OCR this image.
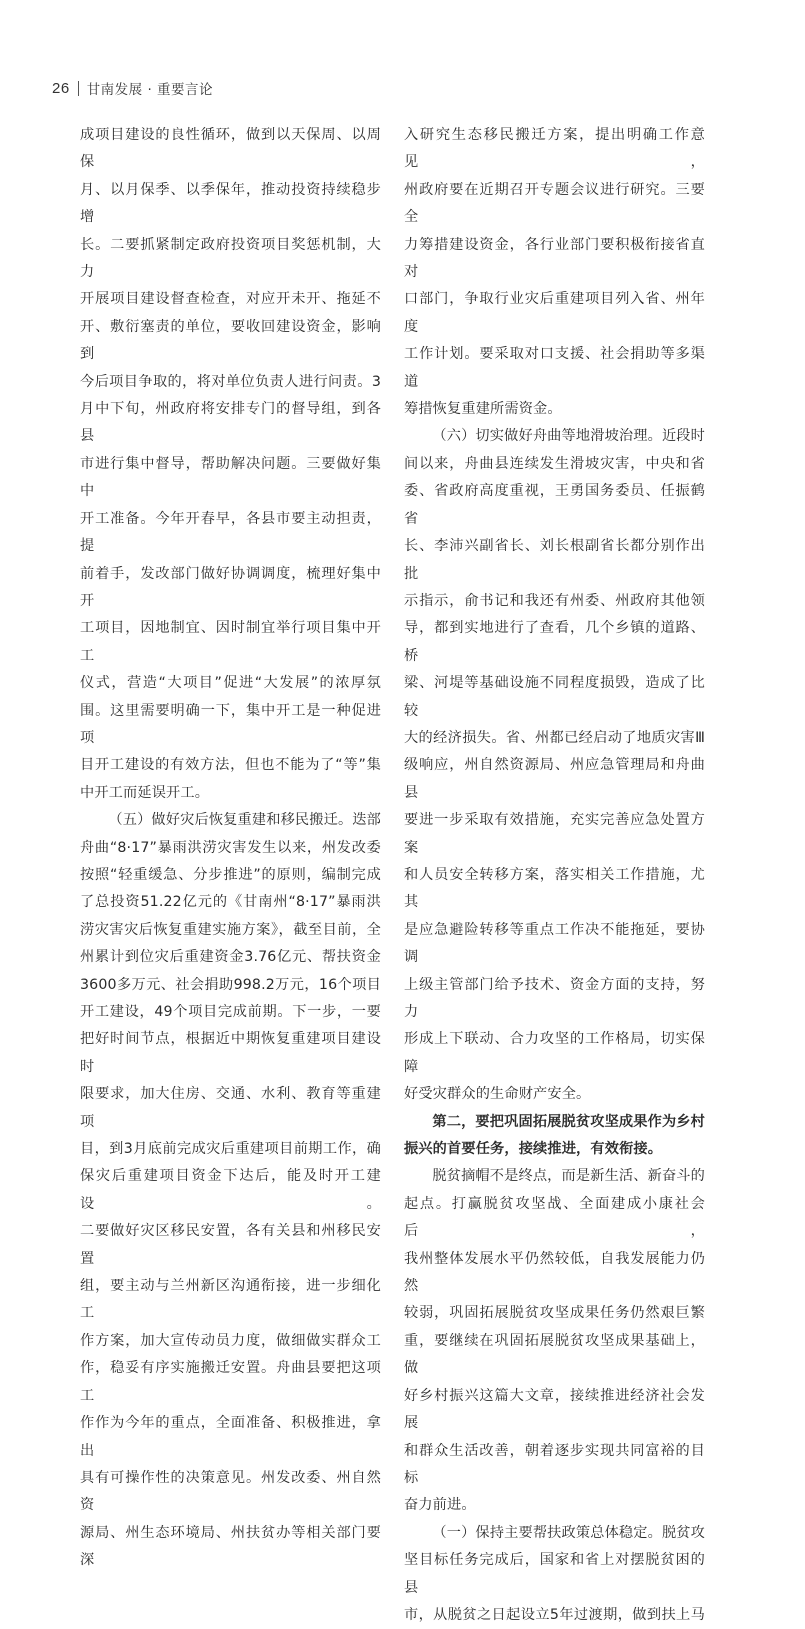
26 甘南发展 · 重要言论

成项目建设的良性循环，做到以天保周、以周保

月、以月保季、以季保年，推动投资持续稳步增

长。二要抓紧制定政府投资项目奖惩机制，大力

开展项目建设督查检查，对应开未开、拖延不

开、敷衍塞责的单位，要收回建设资金，影响到

今后项目争取的，将对单位负责人进行问责。3

月中下旬，州政府将安排专门的督导组，到各县

市进行集中督导，帮助解决问题。三要做好集中

开工准备。今年开春早，各县市要主动担责，提

前着手，发改部门做好协调调度，梳理好集中开

工项目，因地制宜、因时制宜举行项目集中开工

仪式，营造“大项目”促进“大发展”的浓厚氛

围。这里需要明确一下，集中开工是一种促进项

目开工建设的有效方法，但也不能为了“等”集

中开工而延误开工。

（五）做好灾后恢复重建和移民搬迁。迭部

舟曲“8·17”暴雨洪涝灾害发生以来，州发改委

按照“轻重缓急、分步推进”的原则，编制完成

了总投资51.22亿元的《甘南州“8·17”暴雨洪

涝灾害灾后恢复重建实施方案》，截至目前，全

州累计到位灾后重建资金3.76亿元、帮扶资金

3600多万元、社会捐助998.2万元，16个项目

开工建设，49个项目完成前期。下一步，一要

把好时间节点，根据近中期恢复重建项目建设时

限要求，加大住房、交通、水利、教育等重建项

目，到3月底前完成灾后重建项目前期工作，确

保灾后重建项目资金下达后，能及时开工建设。

二要做好灾区移民安置，各有关县和州移民安置

组，要主动与兰州新区沟通衔接，进一步细化工

作方案，加大宣传动员力度，做细做实群众工

作，稳妥有序实施搬迁安置。舟曲县要把这项工

作作为今年的重点，全面准备、积极推进，拿出

具有可操作性的决策意见。州发改委、州自然资

源局、州生态环境局、州扶贫办等相关部门要深

入研究生态移民搬迁方案，提出明确工作意见，

州政府要在近期召开专题会议进行研究。三要全

力筹措建设资金，各行业部门要积极衔接省直对

口部门，争取行业灾后重建项目列入省、州年度

工作计划。要采取对口支援、社会捐助等多渠道

筹措恢复重建所需资金。

（六）切实做好舟曲等地滑坡治理。近段时

间以来，舟曲县连续发生滑坡灾害，中央和省

委、省政府高度重视，王勇国务委员、任振鹤省

长、李沛兴副省长、刘长根副省长都分别作出批

示指示，俞书记和我还有州委、州政府其他领

导，都到实地进行了查看，几个乡镇的道路、桥

梁、河堤等基础设施不同程度损毁，造成了比较

大的经济损失。省、州都已经启动了地质灾害Ⅲ

级响应，州自然资源局、州应急管理局和舟曲县

要进一步采取有效措施，充实完善应急处置方案

和人员安全转移方案，落实相关工作措施，尤其

是应急避险转移等重点工作决不能拖延，要协调

上级主管部门给予技术、资金方面的支持，努力

形成上下联动、合力攻坚的工作格局，切实保障

好受灾群众的生命财产安全。

第二，要把巩固拓展脱贫攻坚成果作为乡村

振兴的首要任务，接续推进，有效衔接。

脱贫摘帽不是终点，而是新生活、新奋斗的

起点。打赢脱贫攻坚战、全面建成小康社会后，

我州整体发展水平仍然较低，自我发展能力仍然

较弱，巩固拓展脱贫攻坚成果任务仍然艰巨繁

重，要继续在巩固拓展脱贫攻坚成果基础上，做

好乡村振兴这篇大文章，接续推进经济社会发展

和群众生活改善，朝着逐步实现共同富裕的目标

奋力前进。

（一）保持主要帮扶政策总体稳定。脱贫攻

坚目标任务完成后，国家和省上对摆脱贫困的县

市，从脱贫之日起设立5年过渡期，做到扶上马
